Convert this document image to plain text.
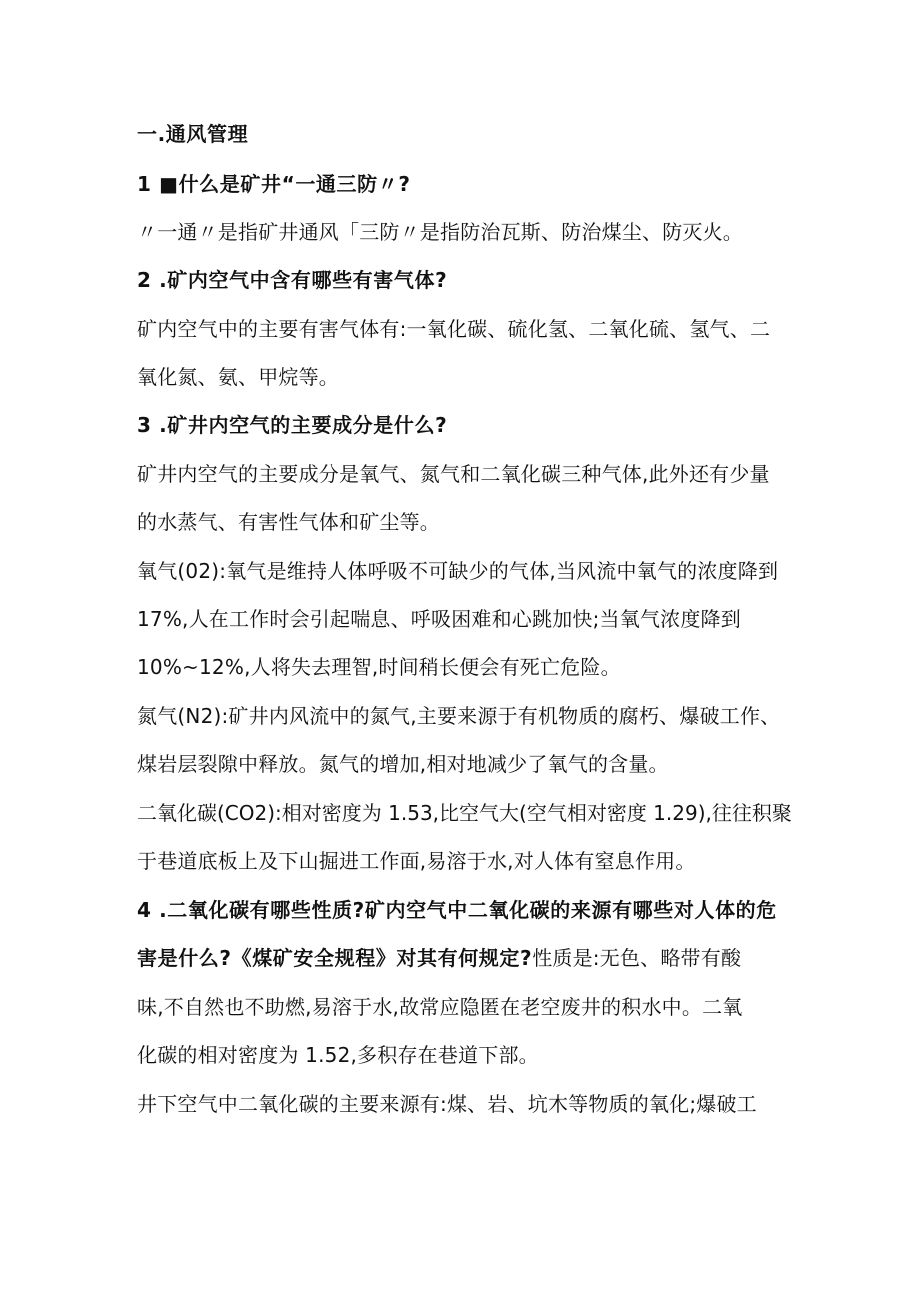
一.通风管理
1 ■什么是矿井“一通三防〃?
〃一通〃是指矿井通风「三防〃是指防治瓦斯、防治煤尘、防灭火。
2 .矿内空气中含有哪些有害气体?
矿内空气中的主要有害气体有:一氧化碳、硫化氢、二氧化硫、氢气、二
氧化氮、氨、甲烷等。
3 .矿井内空气的主要成分是什么?
矿井内空气的主要成分是氧气、氮气和二氧化碳三种气体,此外还有少量
的水蒸气、有害性气体和矿尘等。
氧气(02):氧气是维持人体呼吸不可缺少的气体,当风流中氧气的浓度降到
17%,人在工作时会引起喘息、呼吸困难和心跳加快;当氧气浓度降到
10%~12%,人将失去理智,时间稍长便会有死亡危险。
氮气(N2):矿井内风流中的氮气,主要来源于有机物质的腐朽、爆破工作、
煤岩层裂隙中释放。氮气的增加,相对地减少了氧气的含量。
二氧化碳(CO2):相对密度为 1.53,比空气大(空气相对密度 1.29),往往积聚
于巷道底板上及下山掘进工作面,易溶于水,对人体有窒息作用。
4 .二氧化碳有哪些性质?矿内空气中二氧化碳的来源有哪些对人体的危
害是什么?《煤矿安全规程》对其有何规定?性质是:无色、略带有酸
味,不自然也不助燃,易溶于水,故常应隐匿在老空废井的积水中。二氧
化碳的相对密度为 1.52,多积存在巷道下部。
井下空气中二氧化碳的主要来源有:煤、岩、坑木等物质的氧化;爆破工
